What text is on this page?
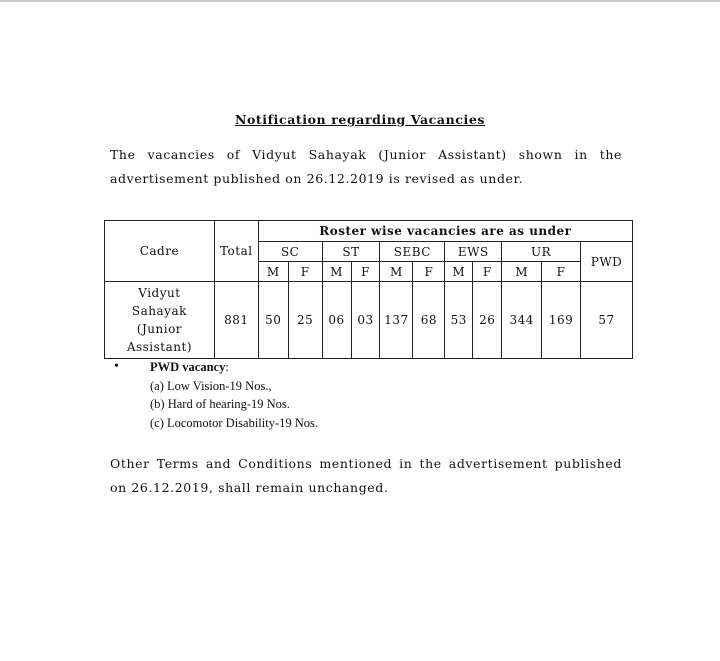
Notification regarding Vacancies
The vacancies of Vidyut Sahayak (Junior Assistant) shown in the advertisement published on 26.12.2019 is revised as under.
Cadre	Total	Roster wise vacancies are as under										
		SC		ST		SEBC		EWS		UR		PWD
		M	F	M	F	M	F	M	F	M	F	
Vidyut Sahayak (Junior Assistant)	881	50	25	06	03	137	68	53	26	344	169	57
• PWD vacancy:
(a) Low Vision-19 Nos.,
(b) Hard of hearing-19 Nos.
(c) Locomotor Disability-19 Nos.
Other Terms and Conditions mentioned in the advertisement published on 26.12.2019, shall remain unchanged.
